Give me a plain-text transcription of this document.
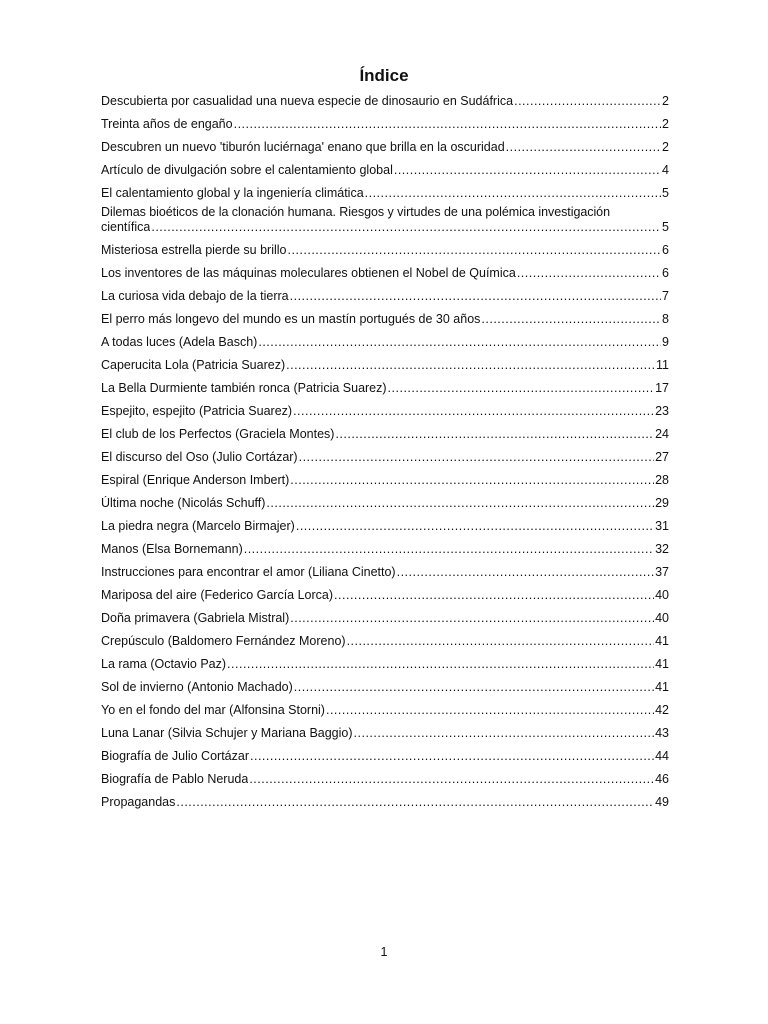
Índice
Descubierta por casualidad una nueva especie de dinosaurio en Sudáfrica .....	2
Treinta años de engaño .....	2
Descubren un nuevo 'tiburón luciérnaga' enano que brilla en la oscuridad .....	2
Artículo de divulgación sobre el calentamiento global .....	4
El calentamiento global y la ingeniería climática .....	5
Dilemas bioéticos de la clonación humana. Riesgos y virtudes de una polémica investigación
científica .....	5
Misteriosa estrella pierde su brillo .....	6
Los inventores de las máquinas moleculares obtienen el Nobel de Química .....	6
La curiosa vida debajo de la tierra .....	7
El perro más longevo del mundo es un mastín portugués de 30 años .....	8
A todas luces (Adela Basch) .....	9
Caperucita Lola (Patricia Suarez) .....	11
La Bella Durmiente también ronca (Patricia Suarez) .....	17
Espejito, espejito (Patricia Suarez) .....	23
El club de los Perfectos (Graciela Montes) .....	24
El discurso del Oso (Julio Cortázar) .....	27
Espiral (Enrique Anderson Imbert) .....	28
Última noche (Nicolás Schuff) .....	29
La piedra negra (Marcelo Birmajer) .....	31
Manos (Elsa Bornemann) .....	32
Instrucciones para encontrar el amor (Liliana Cinetto) .....	37
Mariposa del aire (Federico García Lorca) .....	40
Doña primavera (Gabriela Mistral) .....	40
Crepúsculo (Baldomero Fernández Moreno) .....	41
La rama (Octavio Paz) .....	41
Sol de invierno (Antonio Machado) .....	41
Yo en el fondo del mar (Alfonsina Storni) .....	42
Luna Lanar (Silvia Schujer y Mariana Baggio) .....	43
Biografía de Julio Cortázar .....	44
Biografía de Pablo Neruda .....	46
Propagandas .....	49
1
